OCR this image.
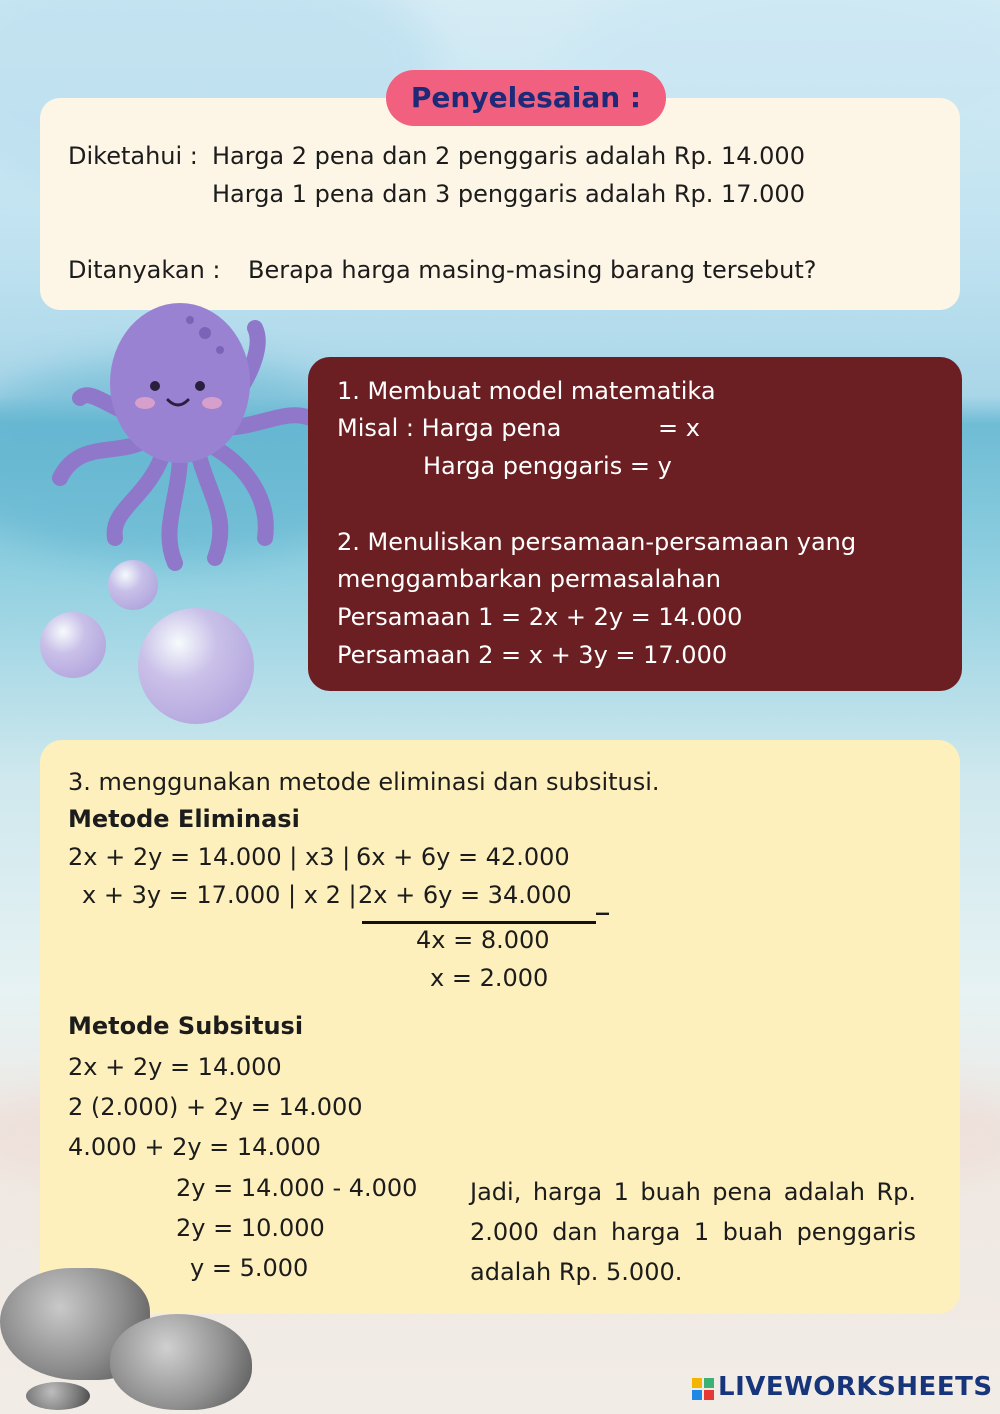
Penyelesaian :
Diketahui : Harga 2 pena dan 2 penggaris adalah Rp. 14.000
Harga 1 pena dan 3 penggaris adalah Rp. 17.000
Ditanyakan : Berapa harga masing-masing barang tersebut?
1. Membuat model matematika
Misal : Harga pena	= x
Harga penggaris = y
2. Menuliskan persamaan-persamaan yang
menggambarkan permasalahan
Persamaan 1 = 2x + 2y = 14.000
Persamaan 2 = x + 3y = 17.000
3. menggunakan metode eliminasi dan subsitusi.
Metode Eliminasi
2x + 2y = 14.000 | x3 | 6x + 6y = 42.000
x + 3y = 17.000 | x 2 | 2x + 6y = 34.000 _
4x = 8.000
x = 2.000
Metode Subsitusi
2x + 2y = 14.000
2 (2.000) + 2y = 14.000
4.000 + 2y = 14.000
2y = 14.000 - 4.000
2y = 10.000
y = 5.000
Jadi, harga 1 buah pena adalah Rp. 2.000 dan harga 1 buah penggaris adalah Rp. 5.000.
LIVEWORKSHEETS
